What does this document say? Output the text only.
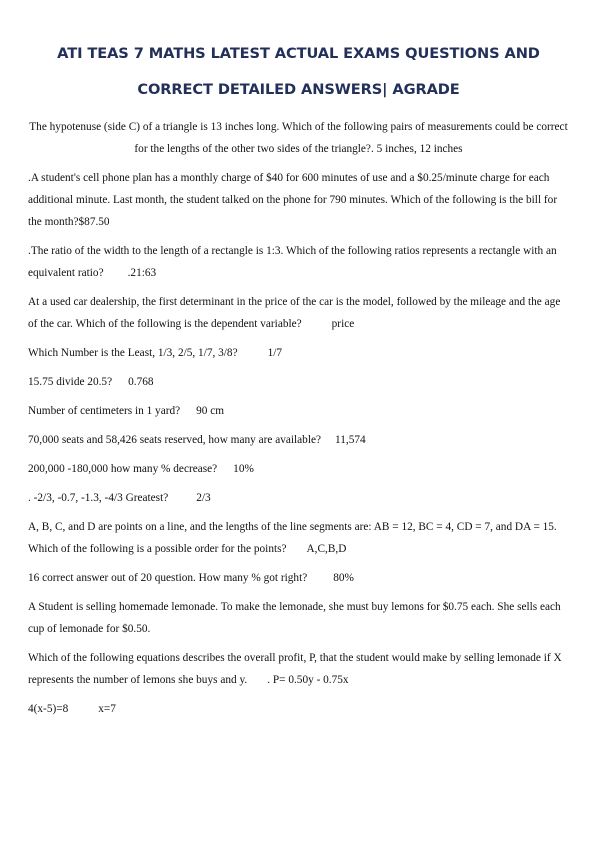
ATI TEAS 7 MATHS LATEST ACTUAL EXAMS QUESTIONS AND
CORRECT DETAILED ANSWERS| AGRADE

The hypotenuse (side C) of a triangle is 13 inches long. Which of the following pairs of measurements could be correct for the lengths of the other two sides of the triangle?. 5 inches, 12 inches

.A student's cell phone plan has a monthly charge of $40 for 600 minutes of use and a $0.25/minute charge for each additional minute. Last month, the student talked on the phone for 790 minutes. Which of the following is the bill for the month?$87.50

.The ratio of the width to the length of a rectangle is 1:3. Which of the following ratios represents a rectangle with an equivalent ratio? .21:63

At a used car dealership, the first determinant in the price of the car is the model, followed by the mileage and the age of the car. Which of the following is the dependent variable?	price

Which Number is the Least, 1/3, 2/5, 1/7, 3/8?	1/7

15.75 divide 20.5? 0.768

Number of centimeters in 1 yard? 90 cm

70,000 seats and 58,426 seats reserved, how many are available? 11,574

200,000 -180,000 how many % decrease? 10%

. -2/3, -0.7, -1.3, -4/3 Greatest? 2/3

A, B, C, and D are points on a line, and the lengths of the line segments are: AB = 12, BC = 4, CD = 7, and DA = 15. Which of the following is a possible order for the points? A,C,B,D

16 correct answer out of 20 question. How many % got right? 80%

A Student is selling homemade lemonade. To make the lemonade, she must buy lemons for $0.75 each. She sells each cup of lemonade for $0.50.

Which of the following equations describes the overall profit, P, that the student would make by selling lemonade if X represents the number of lemons she buys and y. . P= 0.50y - 0.75x

4(x-5)=8	x=7
